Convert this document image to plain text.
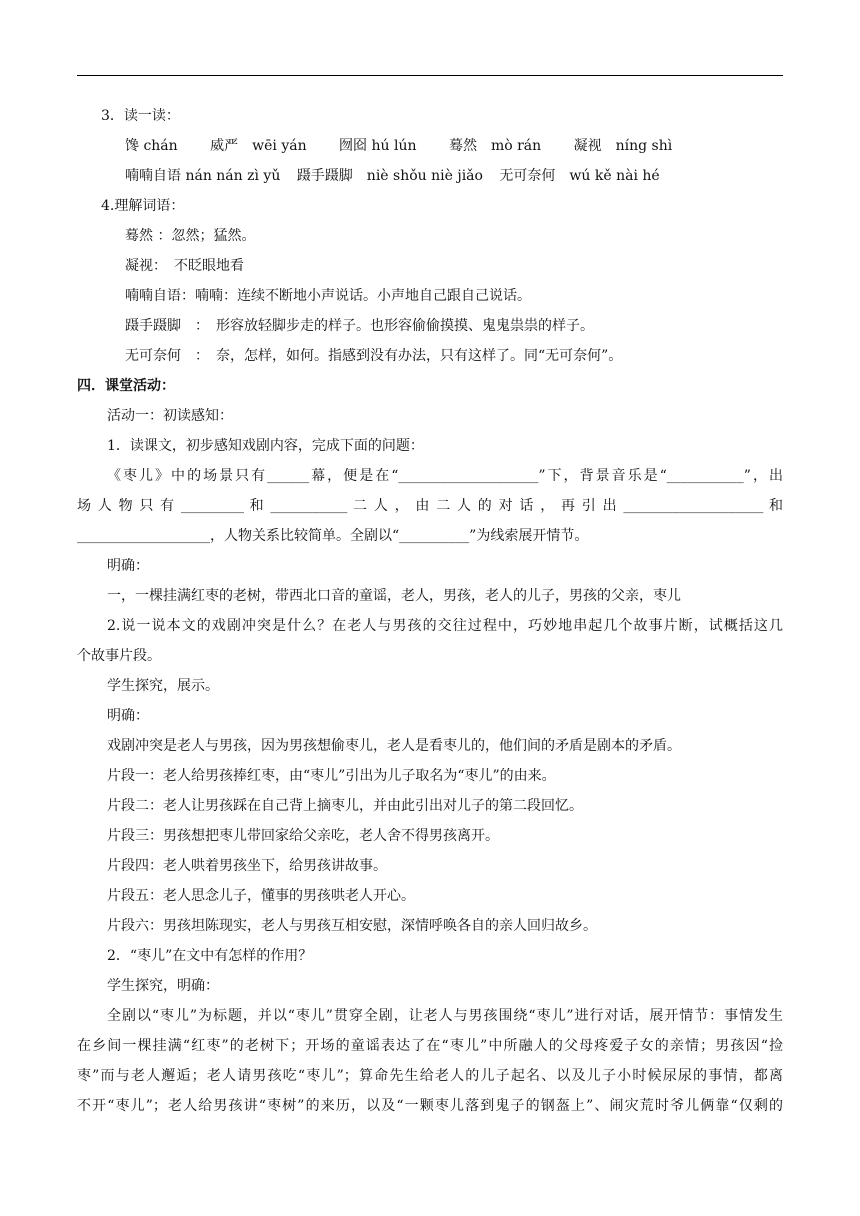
3．读一读：

馋 chán 威严　wēi yán 囫囵 hú lún 蓦然　mò rán 凝视　níng shì
喃喃自语 nán nán zì yǔ 蹑手蹑脚　niè shǒu niè jiǎo 无可奈何　wú kě nài hé

4.理解词语：

蓦然 ：忽然；猛然。

凝视：　不眨眼地看

喃喃自语：喃喃：连续不断地小声说话。小声地自己跟自己说话。

蹑手蹑脚　：　形容放轻脚步走的样子。也形容偷偷摸摸、鬼鬼祟祟的样子。

无可奈何　：　奈，怎样，如何。指感到没有办法，只有这样了。同“无可奈何”。

四．课堂活动：

活动一：初读感知：

1．读课文，初步感知戏剧内容，完成下面的问题：

《枣儿》中的场景只有______幕，便是在“____________________”下，背景音乐是“___________”，出

场 人 物 只 有 _________ 和 ___________ 二 人 ， 由 二 人 的 对 话 ， 再 引 出 ____________________ 和

___________________，人物关系比较简单。全剧以“__________”为线索展开情节。

明确：

一，一棵挂满红枣的老树，带西北口音的童谣，老人，男孩，老人的儿子，男孩的父亲，枣儿

2.说一说本文的戏剧冲突是什么？在老人与男孩的交往过程中，巧妙地串起几个故事片断，试概括这几

个故事片段。

学生探究，展示。

明确：

戏剧冲突是老人与男孩，因为男孩想偷枣儿，老人是看枣儿的，他们间的矛盾是剧本的矛盾。

片段一：老人给男孩捧红枣，由“枣儿”引出为儿子取名为“枣儿”的由来。

片段二：老人让男孩踩在自己背上摘枣儿，并由此引出对儿子的第二段回忆。

片段三：男孩想把枣儿带回家给父亲吃，老人舍不得男孩离开。

片段四：老人哄着男孩坐下，给男孩讲故事。

片段五：老人思念儿子，懂事的男孩哄老人开心。

片段六：男孩坦陈现实，老人与男孩互相安慰，深情呼唤各自的亲人回归故乡。

2．“枣儿”在文中有怎样的作用？

学生探究，明确：

全剧以“枣儿”为标题，并以“枣儿”贯穿全剧，让老人与男孩围绕“枣儿”进行对话，展开情节：事情发生

在乡间一棵挂满“红枣”的老树下；开场的童谣表达了在“枣儿”中所融人的父母疼爱子女的亲情；男孩因“捡

枣”而与老人邂逅；老人请男孩吃“枣儿”；算命先生给老人的儿子起名、以及儿子小时候尿尿的事情，都离

不开“枣儿”；老人给男孩讲“枣树”的来历，以及“一颗枣儿落到鬼子的钢盔上”、闹灾荒时爷儿俩靠“仅剩的
